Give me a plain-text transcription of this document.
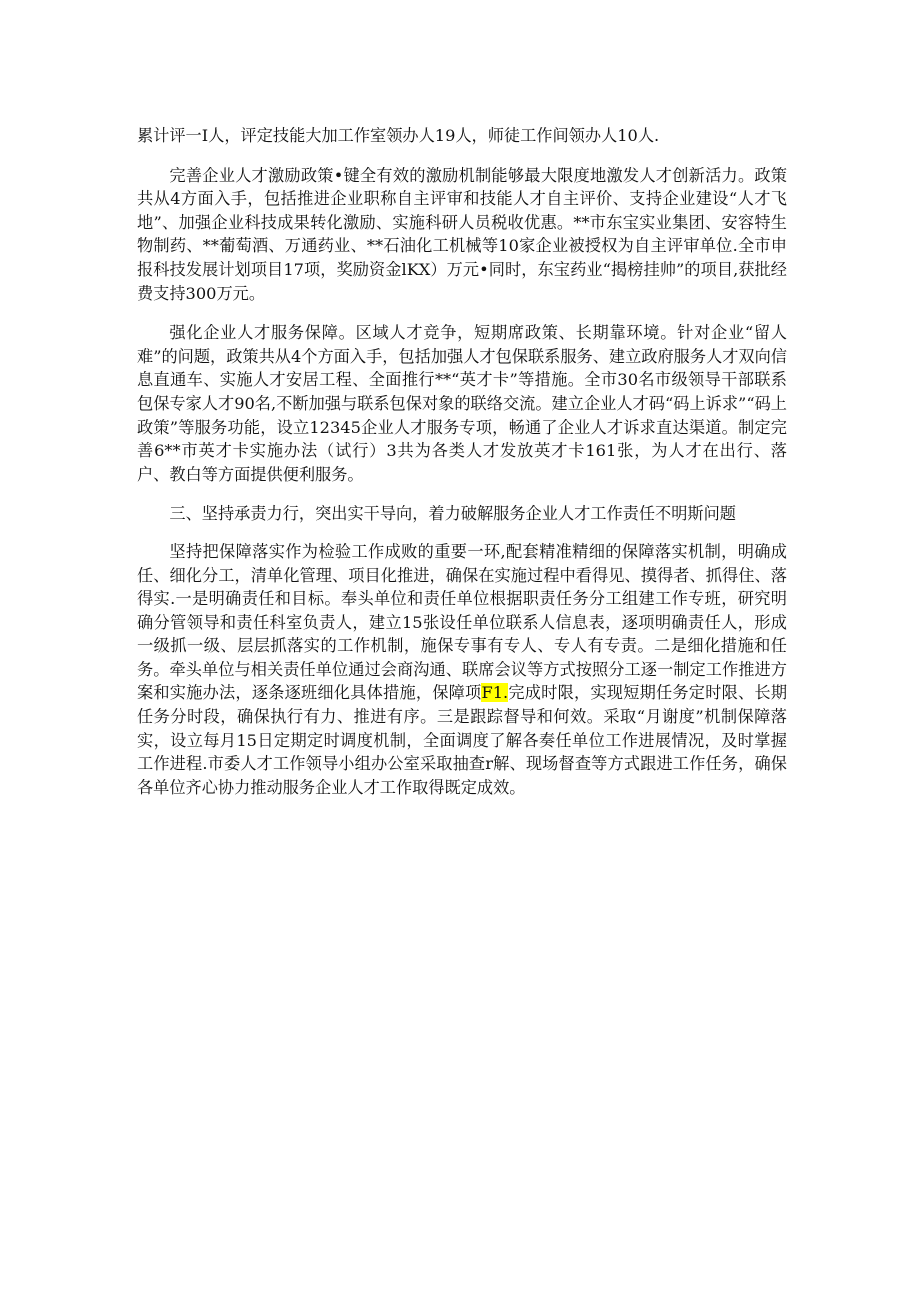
累计评一I人，评定技能大加工作室领办人19人，师徒工作间领办人10人.

完善企业人才激励政策•键全有效的激励机制能够最大限度地激发人才创新活力。政策共从4方面入手，包括推进企业职称自主评审和技能人才自主评价、支持企业建设“人才飞地”、加强企业科技成果转化激励、实施科研人员税收优惠。**市东宝实业集团、安容特生物制药、**葡萄酒、万通药业、**石油化工机械等10家企业被授权为自主评审单位.全市申报科技发展计划项目17项，奖励资金lKX）万元•同时，东宝药业“揭榜挂帅”的项目,获批经费支持300万元。

强化企业人才服务保障。区域人才竞争，短期席政策、长期靠环境。针对企业“留人难”的问题，政策共从4个方面入手，包括加强人才包保联系服务、建立政府服务人才双向信息直通车、实施人才安居工程、全面推行**“英才卡”等措施。全市30名市级领导干部联系包保专家人才90名,不断加强与联系包保对象的联络交流。建立企业人才码“码上诉求”“码上政策”等服务功能，设立12345企业人才服务专项，畅通了企业人才诉求直达渠道。制定完善6**市英才卡实施办法（试行）3共为各类人才发放英才卡161张，为人才在出行、落户、教白等方面提供便利服务。

三、坚持承责力行，突出实干导向，着力破解服务企业人才工作责任不明斯问题

坚持把保障落实作为检验工作成败的重要一环,配套精准精细的保障落实机制，明确成任、细化分工，清单化管理、项目化推进，确保在实施过程中看得见、摸得者、抓得住、落得实.一是明确责任和目标。奉头单位和责任单位根据职责任务分工组建工作专班，研究明确分管领导和责任科室负责人，建立15张设任单位联系人信息表，逐项明确责任人，形成一级抓一级、层层抓落实的工作机制，施保专事有专人、专人有专责。二是细化措施和任务。牵头单位与相关责任单位通过会商沟通、联席会议等方式按照分工逐一制定工作推进方案和实施办法，逐条逐班细化具体措施，保障项F1.完成时限，实现短期任务定时限、长期任务分时段，确保执行有力、推进有序。三是跟踪督导和何效。采取“月谢度”机制保障落实，设立每月15日定期定时调度机制，全面调度了解各奏任单位工作进展情况，及时掌握工作进程.市委人才工作领导小组办公室采取抽查r解、现场督查等方式跟进工作任务，确保各单位齐心协力推动服务企业人才工作取得既定成效。
